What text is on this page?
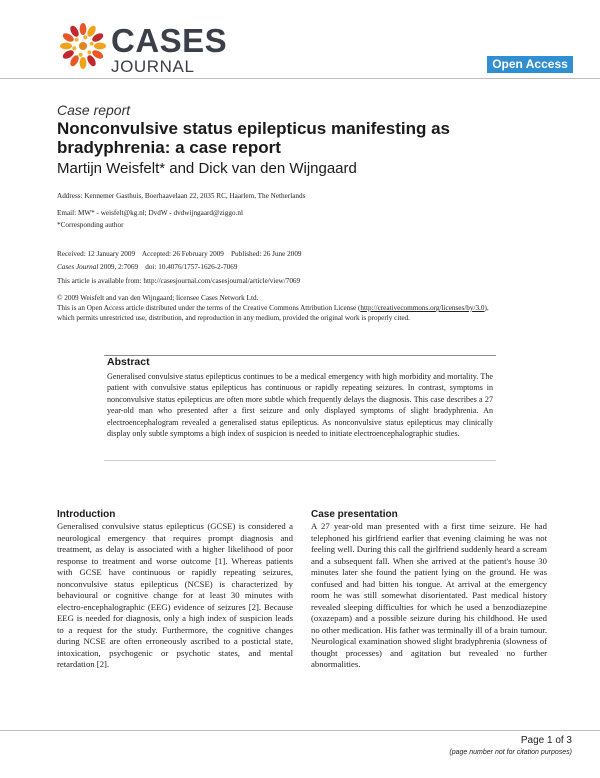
CASES
JOURNAL	Open Access
Case report
Nonconvulsive status epilepticus manifesting as bradyphrenia: a case report
Martijn Weisfelt* and Dick van den Wijngaard
Address: Kennemer Gasthuis, Boerhaavelaan 22, 2035 RC, Haarlem, The Netherlands
Email: MW* - weisfelt@kg.nl; DvdW - dvdwijngaard@ziggo.nl
*Corresponding author
Received: 12 January 2009    Accepted: 26 February 2009    Published: 26 June 2009
Cases Journal 2009, 2:7069    doi: 10.4076/1757-1626-2-7069
This article is available from: http://casesjournal.com/casesjournal/article/view/7069
© 2009 Weisfelt and van den Wijngaard; licensee Cases Network Ltd.
This is an Open Access article distributed under the terms of the Creative Commons Attribution License (http://creativecommons.org/licenses/by/3.0),
which permits unrestricted use, distribution, and reproduction in any medium, provided the original work is properly cited.
Abstract
Generalised convulsive status epilepticus continues to be a medical emergency with high morbidity and mortality. The patient with convulsive status epilepticus has continuous or rapidly repeating seizures. In contrast, symptoms in nonconvulsive status epilepticus are often more subtle which frequently delays the diagnosis. This case describes a 27 year-old man who presented after a first seizure and only displayed symptoms of slight bradyphrenia. An electroencephalogram revealed a generalised status epilepticus. As nonconvulsive status epilepticus may clinically display only subtle symptoms a high index of suspicion is needed to initiate electroencephalographic studies.
Introduction
Generalised convulsive status epilepticus (GCSE) is considered a neurological emergency that requires prompt diagnosis and treatment, as delay is associated with a higher likelihood of poor response to treatment and worse outcome [1]. Whereas patients with GCSE have continuous or rapidly repeating seizures, nonconvulsive status epilepticus (NCSE) is characterized by behavioural or cognitive change for at least 30 minutes with electro-encephalographic (EEG) evidence of seizures [2]. Because EEG is needed for diagnosis, only a high index of suspicion leads to a request for the study. Furthermore, the cognitive changes during NCSE are often erroneously ascribed to a postictal state, intoxication, psychogenic or psychotic states, and mental retardation [2].
Case presentation
A 27 year-old man presented with a first time seizure. He had telephoned his girlfriend earlier that evening claiming he was not feeling well. During this call the girlfriend suddenly heard a scream and a subsequent fall. When she arrived at the patient's house 30 minutes later she found the patient lying on the ground. He was confused and had bitten his tongue. At arrival at the emergency room he was still somewhat disorientated. Past medical history revealed sleeping difficulties for which he used a benzodiazepine (oxazepam) and a possible seizure during his childhood. He used no other medication. His father was terminally ill of a brain tumour. Neurological examination showed slight bradyphrenia (slowness of thought processes) and agitation but revealed no further abnormalities.
Page 1 of 3
(page number not for citation purposes)
